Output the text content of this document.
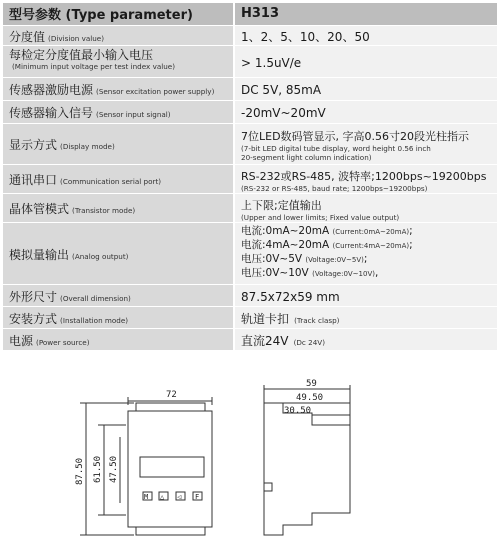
型号参数 (Type parameter)	H313
分度值 (Division value)	1、2、5、10、20、50

每检定分度值最小输入电压
(Minimum input voltage per test index value)	> 1.5uV/e
传感器激励电源 (Sensor excitation power supply)	DC 5V, 85mA
传感器输入信号 (Sensor input signal)	-20mV~20mV
显示方式 (Display mode)	7位LED数码管显示, 字高0.56寸20段光柱指示
(7-bit LED digital tube display, word height 0.56 inch
20-segment light column indication)

通讯串口 (Communication serial port)	RS-232或RS-485, 波特率;1200bps~19200bps
(RS-232 or RS-485, baud rate; 1200bps~19200bps)

晶体管模式 (Transistor mode)	上下限;定值输出
(Upper and lower limits; Fixed value output)

模拟量输出 (Analog output)	电流:0mA~20mA (Current:0mA~20mA);
电流:4mA~20mA (Current:4mA~20mA);
电压:0V~5V (Voltage:0V~5V);
电压:0V~10V (Voltage:0V~10V),

外形尺寸 (Overall dimension)	87.5x72x59 mm
安装方式 (Installation mode)	轨道卡扣 (Track clasp)
电源 (Power source)	直流24V (Dc 24V)
72
87.50 61.50 47.50
M △ ◁ F
59
49.50
30.50
